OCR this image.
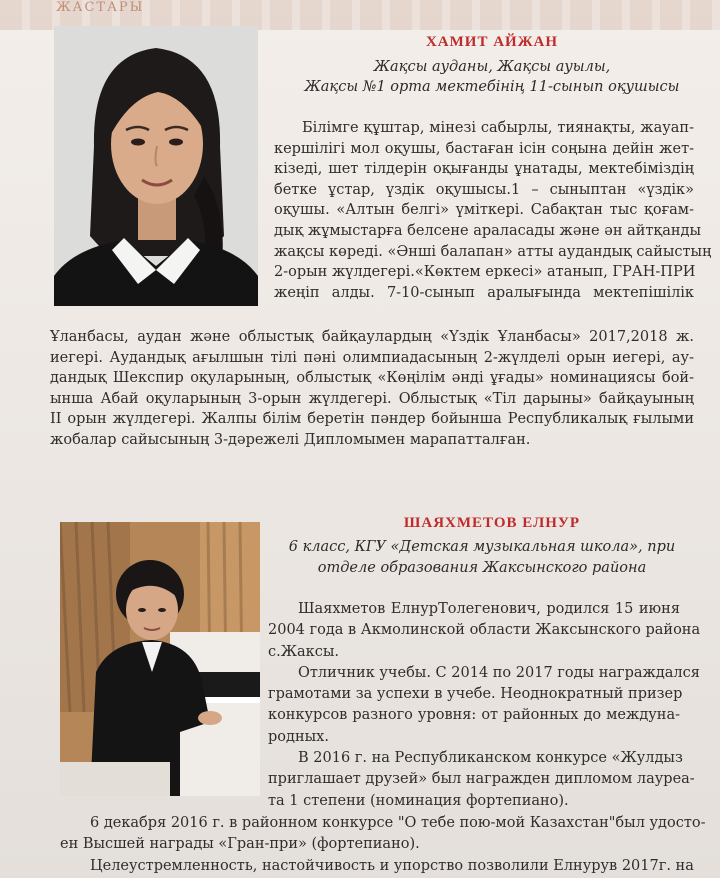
ЖАСТАРЫ
ХАМИТ АЙЖАН
Жақсы ауданы, Жақсы ауылы,
Жақсы №1 орта мектебінің 11-сынып оқушысы
Білімге құштар, мінезі сабырлы, тиянақты, жауап-
кершілігі мол оқушы, бастаған ісін соңына дейін жет-
кізеді, шет тілдерін оқығанды ұнатады, мектебіміздің
бетке ұстар, үздік оқушысы.1 – сыныптан «үздік»
оқушы. «Алтын белгі» үміткері. Сабақтан тыс қоғам-
дық жұмыстарға белсене араласады және ән айтқанды
жақсы көреді. «Әнші балапан» атты аудандық сайыстың
2-орын жүлдегері.«Көктем еркесі» атанып, ГРАН-ПРИ
жеңіп алды. 7-10-сынып аралығында мектепішілік
Ұланбасы, аудан және облыстық байқаулардың «Үздік Ұланбасы» 2017,2018 ж.
иегері. Аудандық ағылшын тілі пәні олимпиадасының 2-жүлделі орын иегері, ау-
дандық Шекспир оқуларының, облыстық «Көңілім әнді ұғады» номинациясы бой-
ынша Абай оқуларының 3-орын жүлдегері. Облыстық «Тіл дарыны» байқауының
ІІ орын жүлдегері. Жалпы білім беретін пәндер бойынша Республикалық ғылыми
жобалар сайысының 3-дәрежелі Дипломымен марапатталған.
ШАЯХМЕТОВ ЕЛНУР
6 класс, КГУ «Детская музыкальная школа», при
отделе образования Жаксынского района
Шаяхметов ЕлнурТолегенович, родился 15 июня
2004 года в Акмолинской области Жаксынского района
с.Жаксы.
Отличник учебы. С 2014 по 2017 годы награждался
грамотами за успехи в учебе. Неоднократный призер
конкурсов разного уровня: от районных до междуна-
родных.
В 2016 г. на Республиканском конкурсе «Жулдыз
приглашает друзей» был награжден дипломом лауреа-
та 1 степени (номинация фортепиано).
6 декабря 2016 г. в районном конкурсе "О тебе пою-мой Казахстан"был удосто-
ен Высшей награды «Гран-при» (фортепиано).
Целеустремленность, настойчивость и упорство позволили Елнурув 2017г. на
